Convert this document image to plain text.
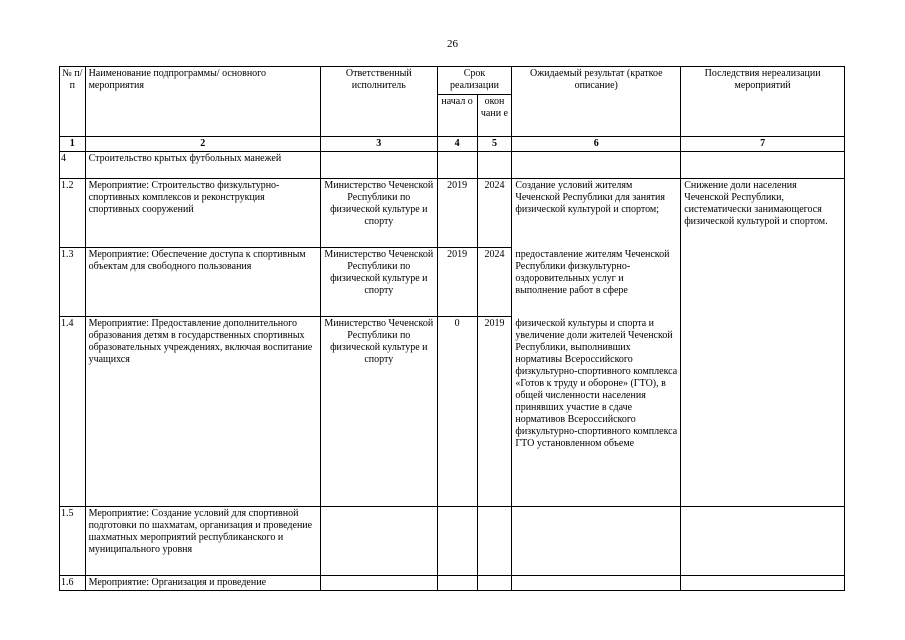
26
№ п/п	Наименование подпрограммы/ основного мероприятия	Ответственный исполнитель	Срок реализации		Ожидаемый результат (краткое описание)	Последствия нереализации мероприятий
			начал о	окон чани е		
1	2	3	4	5	6	7
4	Строительство крытых футбольных манежей					
1.2	Мероприятие: Строительство физкультурно-спортивных комплексов и реконструкция спортивных сооружений	Министерство Чеченской Республики по физической культуре и спорту	2019	2024	Создание условий жителям Чеченской Республики для занятия физической культурой и спортом;	Снижение доли населения Чеченской Республики, систематически занимающегося физической культурой и спортом.
1.3	Мероприятие: Обеспечение доступа к спортивным объектам для свободного пользования	Министерство Чеченской Республики по физической культуре и спорту	2019	2024	предоставление жителям Чеченской Республики физкультурно-оздоровительных услуг и выполнение работ в сфере	
1.4	Мероприятие: Предоставление дополнительного образования детям в государственных спортивных образовательных учреждениях, включая воспитание учащихся	Министерство Чеченской Республики по физической культуре и спорту	0	2019	физической культуры и спорта и увеличение доли жителей Чеченской Республики, выполнивших нормативы Всероссийского физкультурно-спортивного комплекса «Готов к труду и обороне» (ГТО), в общей численности населения принявших участие в сдаче нормативов Всероссийского физкультурно-спортивного комплекса ГТО установленном объеме	
1.5	Мероприятие: Создание условий для спортивной подготовки по шахматам, организация и проведение шахматных мероприятий республиканского и муниципального уровня					
1.6	Мероприятие: Организация и проведение					
